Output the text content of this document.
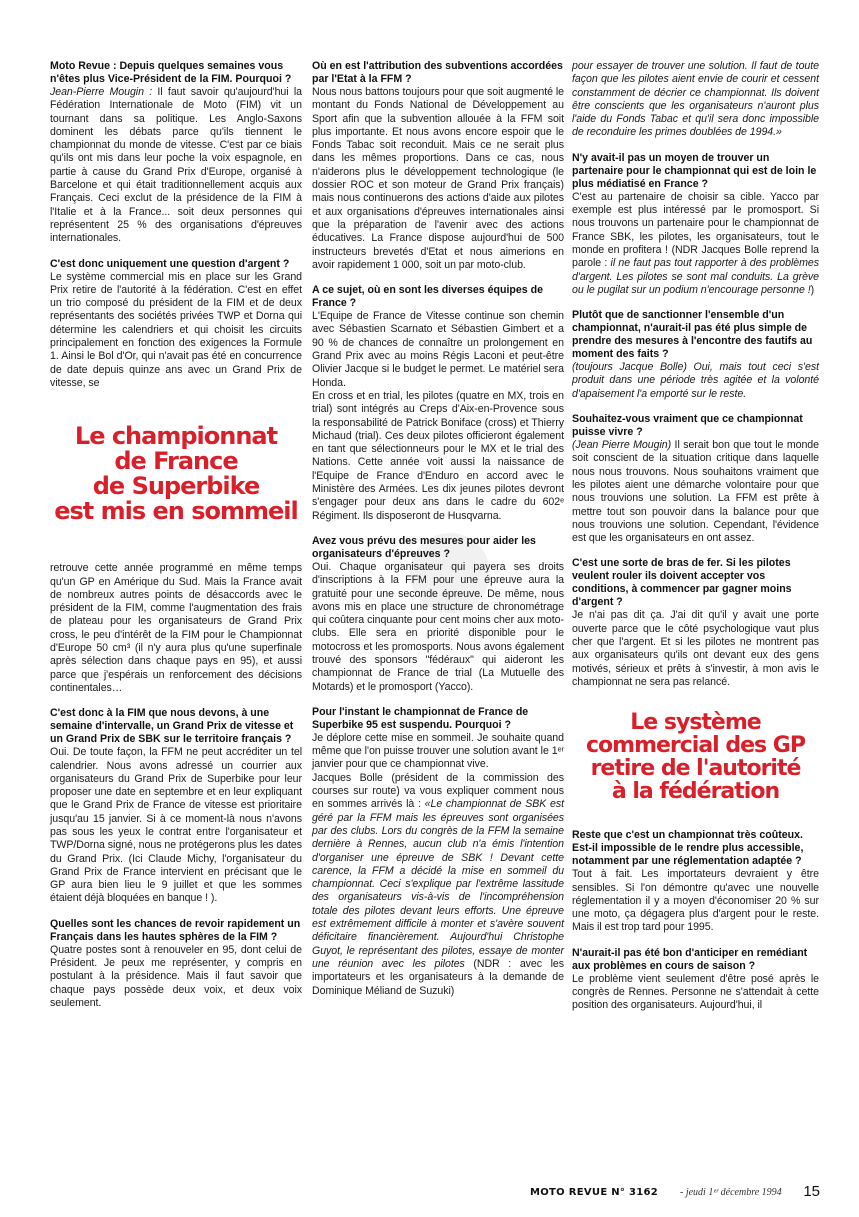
Moto Revue : Depuis quelques semaines vous n'êtes plus Vice-Président de la FIM. Pourquoi ?

Jean-Pierre Mougin : Il faut savoir qu'aujourd'hui la Fédération Internationale de Moto (FIM) vit un tournant dans sa politique. Les Anglo-Saxons dominent les débats parce qu'ils tiennent le championnat du monde de vitesse. C'est par ce biais qu'ils ont mis dans leur poche la voix espagnole, en partie à cause du Grand Prix d'Europe, organisé à Barcelone et qui était traditionnellement acquis aux Français. Ceci exclut de la présidence de la FIM à l'Italie et à la France... soit deux personnes qui représentent 25 % des organisations d'épreuves internationales.

C'est donc uniquement une question d'argent ?

Le système commercial mis en place sur les Grand Prix retire de l'autorité à la fédération. C'est en effet un trio composé du président de la FIM et de deux représentants des sociétés privées TWP et Dorna qui détermine les calendriers et qui choisit les circuits principalement en fonction des exigences la Formule 1. Ainsi le Bol d'Or, qui n'avait pas été en concurrence de date depuis quinze ans avec un Grand Prix de vitesse, se

Le championnat
de France
de Superbike
est mis en sommeil

retrouve cette année programmé en même temps qu'un GP en Amérique du Sud. Mais la France avait de nombreux autres points de désaccords avec le président de la FIM, comme l'augmentation des frais de plateau pour les organisateurs de Grand Prix cross, le peu d'intérêt de la FIM pour le Championnat d'Europe 50 cm³ (il n'y aura plus qu'une superfinale après sélection dans chaque pays en 95), et aussi parce que j'espérais un renforcement des décisions continentales…

C'est donc à la FIM que nous devons, à une semaine d'intervalle, un Grand Prix de vitesse et un Grand Prix de SBK sur le territoire français ?

Oui. De toute façon, la FFM ne peut accréditer un tel calendrier. Nous avons adressé un courrier aux organisateurs du Grand Prix de Superbike pour leur proposer une date en septembre et en leur expliquant que le Grand Prix de France de vitesse est prioritaire jusqu'au 15 janvier. Si à ce moment-là nous n'avons pas sous les yeux le contrat entre l'organisateur et TWP/Dorna signé, nous ne protégerons plus les dates du Grand Prix. (Ici Claude Michy, l'organisateur du Grand Prix de France intervient en précisant que le GP aura bien lieu le 9 juillet et que les sommes étaient déjà bloquées en banque ! ).

Quelles sont les chances de revoir rapidement un Français dans les hautes sphères de la FIM ?

Quatre postes sont à renouveler en 95, dont celui de Président. Je peux me représenter, y compris en postulant à la présidence. Mais il faut savoir que chaque pays possède deux voix, et deux voix seulement.

Où en est l'attribution des subventions accordées par l'Etat à la FFM ?

Nous nous battons toujours pour que soit augmenté le montant du Fonds National de Développement au Sport afin que la subvention allouée à la FFM soit plus importante. Et nous avons encore espoir que le Fonds Tabac soit reconduit. Mais ce ne serait plus dans les mêmes proportions. Dans ce cas, nous n'aiderons plus le développement technologique (le dossier ROC et son moteur de Grand Prix français) mais nous continuerons des actions d'aide aux pilotes et aux organisations d'épreuves internationales ainsi que la préparation de l'avenir avec des actions éducatives. La France dispose aujourd'hui de 500 instructeurs brevetés d'Etat et nous aimerions en avoir rapidement 1 000, soit un par moto-club.

A ce sujet, où en sont les diverses équipes de France ?

L'Equipe de France de Vitesse continue son chemin avec Sébastien Scarnato et Sébastien Gimbert et a 90 % de chances de connaître un prolongement en Grand Prix avec au moins Régis Laconi et peut-être Olivier Jacque si le budget le permet. Le matériel sera Honda.

En cross et en trial, les pilotes (quatre en MX, trois en trial) sont intégrés au Creps d'Aix-en-Provence sous la responsabilité de Patrick Boniface (cross) et Thierry Michaud (trial). Ces deux pilotes officieront également en tant que sélectionneurs pour le MX et le trial des Nations. Cette année voit aussi la naissance de l'Equipe de France d'Enduro en accord avec le Ministère des Armées. Les dix jeunes pilotes devront s'engager pour deux ans dans le cadre du 602ᵉ Régiment. Ils disposeront de Husqvarna.

Avez vous prévu des mesures pour aider les organisateurs d'épreuves ?

Oui. Chaque organisateur qui payera ses droits d'inscriptions à la FFM pour une épreuve aura la gratuité pour une seconde épreuve. De même, nous avons mis en place une structure de chronométrage qui coûtera cinquante pour cent moins cher aux moto-clubs. Elle sera en priorité disponible pour le motocross et les promosports. Nous avons également trouvé des sponsors "fédéraux" qui aideront les championnat de France de trial (La Mutuelle des Motards) et le promosport (Yacco).

Pour l'instant le championnat de France de Superbike 95 est suspendu. Pourquoi ?

Je déplore cette mise en sommeil. Je souhaite quand même que l'on puisse trouver une solution avant le 1ᵉʳ janvier pour que ce championnat vive.

Jacques Bolle (président de la commission des courses sur route) va vous expliquer comment nous en sommes arrivés là : «Le championnat de SBK est géré par la FFM mais les épreuves sont organisées par des clubs. Lors du congrès de la FFM la semaine dernière à Rennes, aucun club n'a émis l'intention d'organiser une épreuve de SBK ! Devant cette carence, la FFM a décidé la mise en sommeil du championnat. Ceci s'explique par l'extrême lassitude des organisateurs vis-à-vis de l'incompréhension totale des pilotes devant leurs efforts. Une épreuve est extrêmement difficile à monter et s'avère souvent déficitaire financièrement. Aujourd'hui Christophe Guyot, le représentant des pilotes, essaye de monter une réunion avec les pilotes (NDR : avec les importateurs et les organisateurs à la demande de Dominique Méliand de Suzuki)

pour essayer de trouver une solution. Il faut de toute façon que les pilotes aient envie de courir et cessent constamment de décrier ce championnat. Ils doivent être conscients que les organisateurs n'auront plus l'aide du Fonds Tabac et qu'il sera donc impossible de reconduire les primes doublées de 1994.»

N'y avait-il pas un moyen de trouver un partenaire pour le championnat qui est de loin le plus médiatisé en France ?

C'est au partenaire de choisir sa cible. Yacco par exemple est plus intéressé par le promosport. Si nous trouvons un partenaire pour le championnat de France SBK, les pilotes, les organisateurs, tout le monde en profitera ! (NDR Jacques Bolle reprend la parole : il ne faut pas tout rapporter à des problèmes d'argent. Les pilotes se sont mal conduits. La grève ou le pugilat sur un podium n'encourage personne !)

Plutôt que de sanctionner l'ensemble d'un championnat, n'aurait-il pas été plus simple de prendre des mesures à l'encontre des fautifs au moment des faits ?

(toujours Jacque Bolle) Oui, mais tout ceci s'est produit dans une période très agitée et la volonté d'apaisement l'a emporté sur le reste.

Souhaitez-vous vraiment que ce championnat puisse vivre ?

(Jean Pierre Mougin) Il serait bon que tout le monde soit conscient de la situation critique dans laquelle nous nous trouvons. Nous souhaitons vraiment que les pilotes aient une démarche volontaire pour que nous trouvions une solution. La FFM est prête à mettre tout son pouvoir dans la balance pour que nous trouvions une solution. Cependant, l'évidence est que les organisateurs en ont assez.

C'est une sorte de bras de fer. Si les pilotes veulent rouler ils doivent accepter vos conditions, à commencer par gagner moins d'argent ?

Je n'ai pas dit ça. J'ai dit qu'il y avait une porte ouverte parce que le côté psychologique vaut plus cher que l'argent. Et si les pilotes ne montrent pas aux organisateurs qu'ils ont devant eux des gens motivés, sérieux et prêts à s'investir, à mon avis le championnat ne sera pas relancé.

Le système
commercial des GP
retire de l'autorité
à la fédération

Reste que c'est un championnat très coûteux. Est-il impossible de le rendre plus accessible, notamment par une réglementation adaptée ?

Tout à fait. Les importateurs devraient y être sensibles. Si l'on démontre qu'avec une nouvelle réglementation il y a moyen d'économiser 20 % sur une moto, ça dégagera plus d'argent pour le reste. Mais il est trop tard pour 1995.

N'aurait-il pas été bon d'anticiper en remédiant aux problèmes en cours de saison ?

Le problème vient seulement d'être posé après le congrès de Rennes. Personne ne s'attendait à cette position des organisateurs. Aujourd'hui, il

MOTO REVUE N° 3162 - jeudi 1ᵉʳ décembre 1994 15
